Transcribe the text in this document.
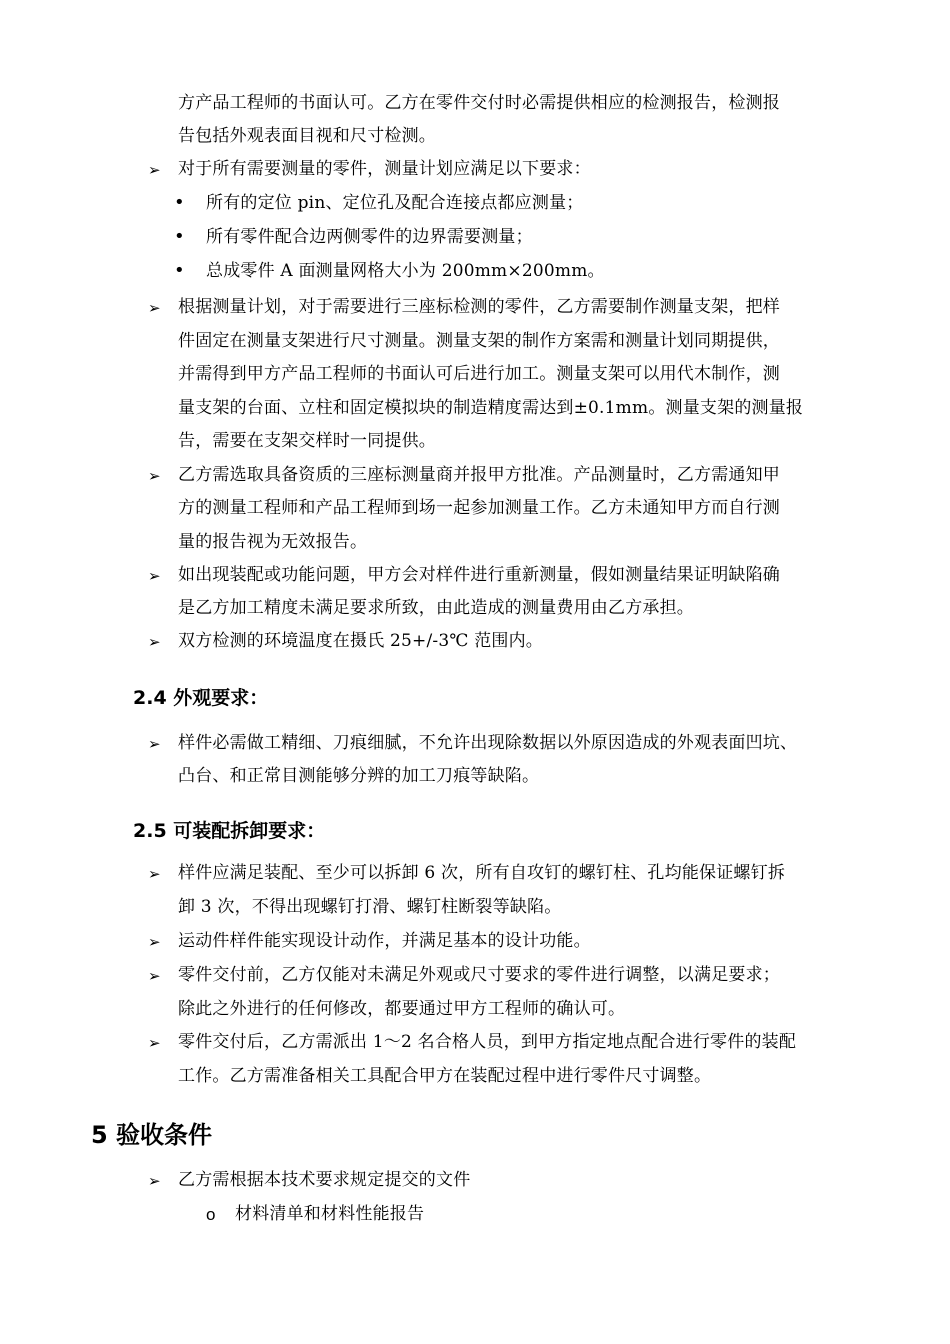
方产品工程师的书面认可。乙方在零件交付时必需提供相应的检测报告，检测报
告包括外观表面目视和尺寸检测。
➢ 对于所有需要测量的零件，测量计划应满足以下要求：
• 所有的定位 pin、定位孔及配合连接点都应测量；
• 所有零件配合边两侧零件的边界需要测量；
• 总成零件 A 面测量网格大小为 200mm×200mm。
➢ 根据测量计划，对于需要进行三座标检测的零件，乙方需要制作测量支架，把样
件固定在测量支架进行尺寸测量。测量支架的制作方案需和测量计划同期提供，
并需得到甲方产品工程师的书面认可后进行加工。测量支架可以用代木制作，测
量支架的台面、立柱和固定模拟块的制造精度需达到±0.1mm。测量支架的测量报
告，需要在支架交样时一同提供。
➢ 乙方需选取具备资质的三座标测量商并报甲方批准。产品测量时，乙方需通知甲
方的测量工程师和产品工程师到场一起参加测量工作。乙方未通知甲方而自行测
量的报告视为无效报告。
➢ 如出现装配或功能问题，甲方会对样件进行重新测量，假如测量结果证明缺陷确
是乙方加工精度未满足要求所致，由此造成的测量费用由乙方承担。
➢ 双方检测的环境温度在摄氏 25+/-3℃ 范围内。
2.4 外观要求：
➢ 样件必需做工精细、刀痕细腻，不允许出现除数据以外原因造成的外观表面凹坑、
凸台、和正常目测能够分辨的加工刀痕等缺陷。
2.5 可装配拆卸要求：
➢ 样件应满足装配、至少可以拆卸 6 次，所有自攻钉的螺钉柱、孔均能保证螺钉拆
卸 3 次，不得出现螺钉打滑、螺钉柱断裂等缺陷。
➢ 运动件样件能实现设计动作，并满足基本的设计功能。
➢ 零件交付前，乙方仅能对未满足外观或尺寸要求的零件进行调整，以满足要求；
除此之外进行的任何修改，都要通过甲方工程师的确认可。
➢ 零件交付后，乙方需派出 1～2 名合格人员，到甲方指定地点配合进行零件的装配
工作。乙方需准备相关工具配合甲方在装配过程中进行零件尺寸调整。
5 验收条件
➢ 乙方需根据本技术要求规定提交的文件
o 材料清单和材料性能报告
